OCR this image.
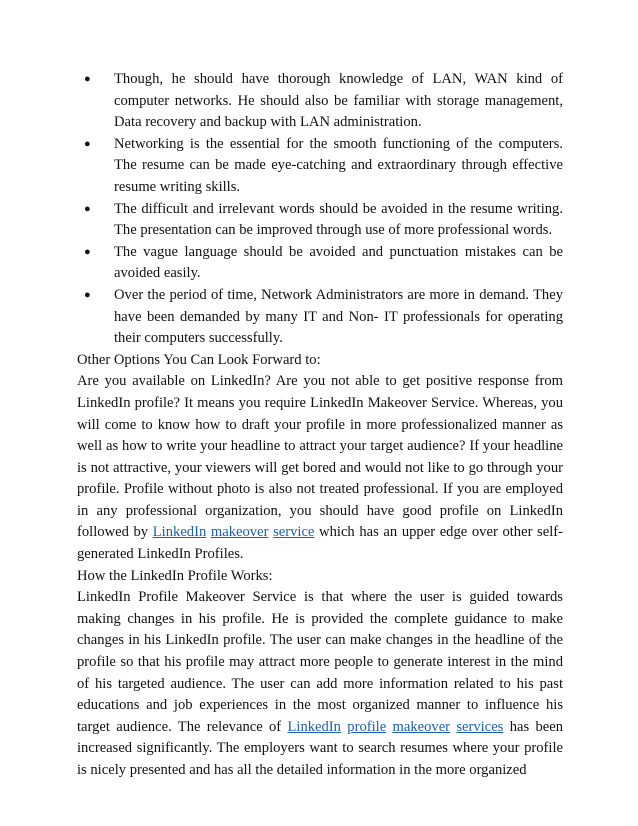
● Though, he should have thorough knowledge of LAN, WAN kind of computer networks. He should also be familiar with storage management, Data recovery and backup with LAN administration.
● Networking is the essential for the smooth functioning of the computers. The resume can be made eye-catching and extraordinary through effective resume writing skills.
● The difficult and irrelevant words should be avoided in the resume writing. The presentation can be improved through use of more professional words.
● The vague language should be avoided and punctuation mistakes can be avoided easily.
● Over the period of time, Network Administrators are more in demand. They have been demanded by many IT and Non- IT professionals for operating their computers successfully.

Other Options You Can Look Forward to:

Are you available on LinkedIn? Are you not able to get positive response from LinkedIn profile? It means you require LinkedIn Makeover Service. Whereas, you will come to know how to draft your profile in more professionalized manner as well as how to write your headline to attract your target audience? If your headline is not attractive, your viewers will get bored and would not like to go through your profile. Profile without photo is also not treated professional. If you are employed in any professional organization, you should have good profile on LinkedIn followed by LinkedIn makeover service which has an upper edge over other self-generated LinkedIn Profiles.

How the LinkedIn Profile Works:

LinkedIn Profile Makeover Service is that where the user is guided towards making changes in his profile. He is provided the complete guidance to make changes in his LinkedIn profile. The user can make changes in the headline of the profile so that his profile may attract more people to generate interest in the mind of his targeted audience. The user can add more information related to his past educations and job experiences in the most organized manner to influence his target audience. The relevance of LinkedIn profile makeover services has been increased significantly. The employers want to search resumes where your profile is nicely presented and has all the detailed information in the more organized
